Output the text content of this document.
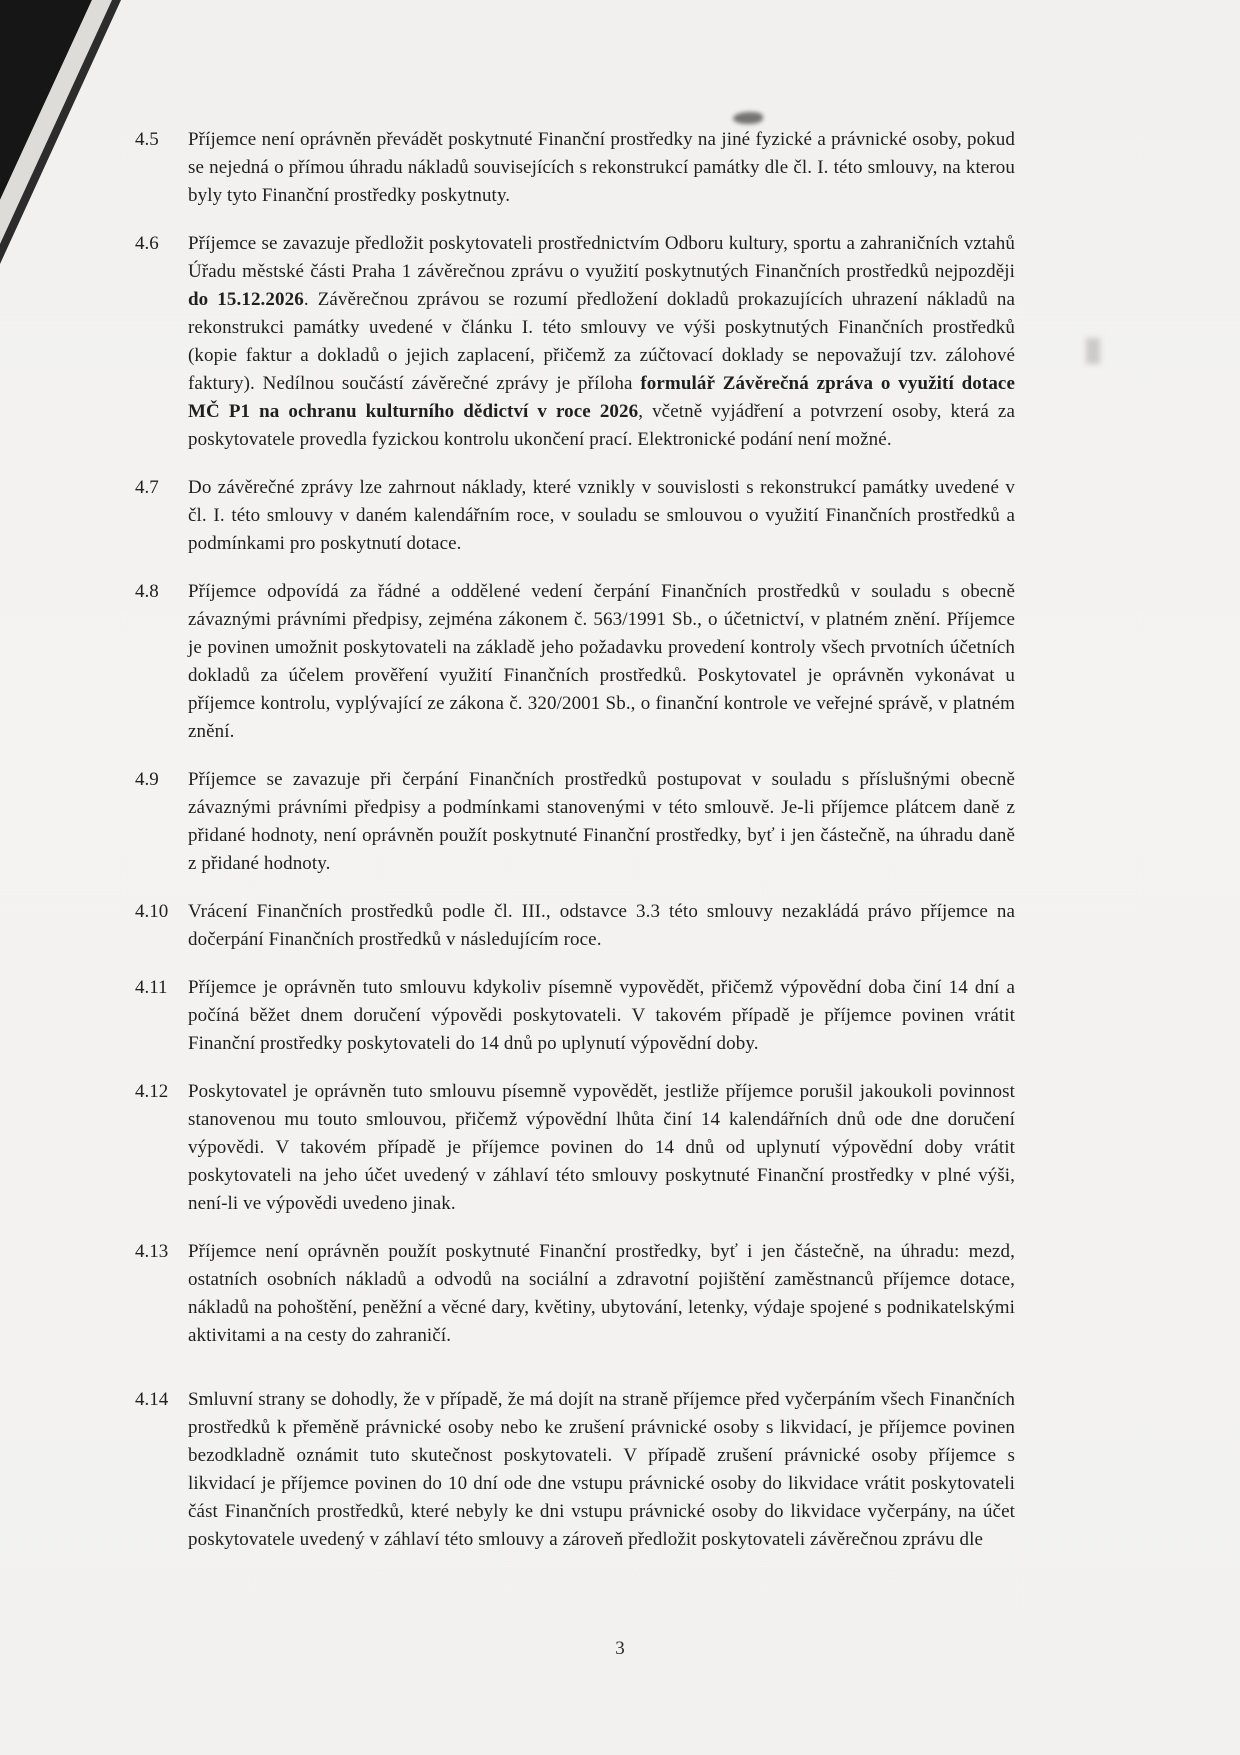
4.5	Příjemce není oprávněn převádět poskytnuté Finanční prostředky na jiné fyzické a právnické osoby, pokud se nejedná o přímou úhradu nákladů souvisejících s rekonstrukcí památky dle čl. I. této smlouvy, na kterou byly tyto Finanční prostředky poskytnuty.

4.6	Příjemce se zavazuje předložit poskytovateli prostřednictvím Odboru kultury, sportu a zahraničních vztahů Úřadu městské části Praha 1 závěrečnou zprávu o využití poskytnutých Finančních prostředků nejpozději do 15.12.2026. Závěrečnou zprávou se rozumí předložení dokladů prokazujících uhrazení nákladů na rekonstrukci památky uvedené v článku I. této smlouvy ve výši poskytnutých Finančních prostředků (kopie faktur a dokladů o jejich zaplacení, přičemž za zúčtovací doklady se nepovažují tzv. zálohové faktury). Nedílnou součástí závěrečné zprávy je příloha formulář Závěrečná zpráva o využití dotace MČ P1 na ochranu kulturního dědictví v roce 2026, včetně vyjádření a potvrzení osoby, která za poskytovatele provedla fyzickou kontrolu ukončení prací. Elektronické podání není možné.

4.7	Do závěrečné zprávy lze zahrnout náklady, které vznikly v souvislosti s rekonstrukcí památky uvedené v čl. I. této smlouvy v daném kalendářním roce, v souladu se smlouvou o využití Finančních prostředků a podmínkami pro poskytnutí dotace.

4.8	Příjemce odpovídá za řádné a oddělené vedení čerpání Finančních prostředků v souladu s obecně závaznými právními předpisy, zejména zákonem č. 563/1991 Sb., o účetnictví, v platném znění. Příjemce je povinen umožnit poskytovateli na základě jeho požadavku provedení kontroly všech prvotních účetních dokladů za účelem prověření využití Finančních prostředků. Poskytovatel je oprávněn vykonávat u příjemce kontrolu, vyplývající ze zákona č. 320/2001 Sb., o finanční kontrole ve veřejné správě, v platném znění.

4.9	Příjemce se zavazuje při čerpání Finančních prostředků postupovat v souladu s příslušnými obecně závaznými právními předpisy a podmínkami stanovenými v této smlouvě. Je-li příjemce plátcem daně z přidané hodnoty, není oprávněn použít poskytnuté Finanční prostředky, byť i jen částečně, na úhradu daně z přidané hodnoty.

4.10	Vrácení Finančních prostředků podle čl. III., odstavce 3.3 této smlouvy nezakládá právo příjemce na dočerpání Finančních prostředků v následujícím roce.

4.11	Příjemce je oprávněn tuto smlouvu kdykoliv písemně vypovědět, přičemž výpovědní doba činí 14 dní a počíná běžet dnem doručení výpovědi poskytovateli. V takovém případě je příjemce povinen vrátit Finanční prostředky poskytovateli do 14 dnů po uplynutí výpovědní doby.

4.12	Poskytovatel je oprávněn tuto smlouvu písemně vypovědět, jestliže příjemce porušil jakoukoli povinnost stanovenou mu touto smlouvou, přičemž výpovědní lhůta činí 14 kalendářních dnů ode dne doručení výpovědi. V takovém případě je příjemce povinen do 14 dnů od uplynutí výpovědní doby vrátit poskytovateli na jeho účet uvedený v záhlaví této smlouvy poskytnuté Finanční prostředky v plné výši, není-li ve výpovědi uvedeno jinak.

4.13	Příjemce není oprávněn použít poskytnuté Finanční prostředky, byť i jen částečně, na úhradu: mezd, ostatních osobních nákladů a odvodů na sociální a zdravotní pojištění zaměstnanců příjemce dotace, nákladů na pohoštění, peněžní a věcné dary, květiny, ubytování, letenky, výdaje spojené s podnikatelskými aktivitami a na cesty do zahraničí.

4.14	Smluvní strany se dohodly, že v případě, že má dojít na straně příjemce před vyčerpáním všech Finančních prostředků k přeměně právnické osoby nebo ke zrušení právnické osoby s likvidací, je příjemce povinen bezodkladně oznámit tuto skutečnost poskytovateli. V případě zrušení právnické osoby příjemce s likvidací je příjemce povinen do 10 dní ode dne vstupu právnické osoby do likvidace vrátit poskytovateli část Finančních prostředků, které nebyly ke dni vstupu právnické osoby do likvidace vyčerpány, na účet poskytovatele uvedený v záhlaví této smlouvy a zároveň předložit poskytovateli závěrečnou zprávu dle

3
